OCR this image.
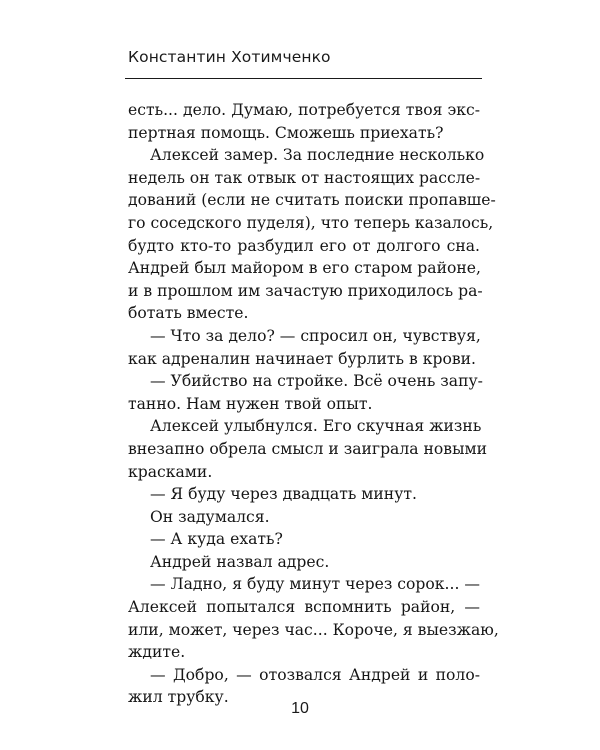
Константин Хотимченко
есть... дело. Думаю, потребуется твоя экс-
пертная помощь. Сможешь приехать?
Алексей замер. За последние несколько
недель он так отвык от настоящих рассле-
дований (если не считать поиски пропавше-
го соседского пуделя), что теперь казалось,
будто кто-то разбудил его от долгого сна.
Андрей был майором в его старом районе,
и в прошлом им зачастую приходилось ра-
ботать вместе.
— Что за дело? — спросил он, чувствуя,
как адреналин начинает бурлить в крови.
— Убийство на стройке. Всё очень запу-
танно. Нам нужен твой опыт.
Алексей улыбнулся. Его скучная жизнь
внезапно обрела смысл и заиграла новыми
красками.
— Я буду через двадцать минут.
Он задумался.
— А куда ехать?
Андрей назвал адрес.
— Ладно, я буду минут через сорок... —
Алексей попытался вспомнить район, —
или, может, через час... Короче, я выезжаю,
ждите.
— Добро, — отозвался Андрей и поло-
жил трубку.
10
